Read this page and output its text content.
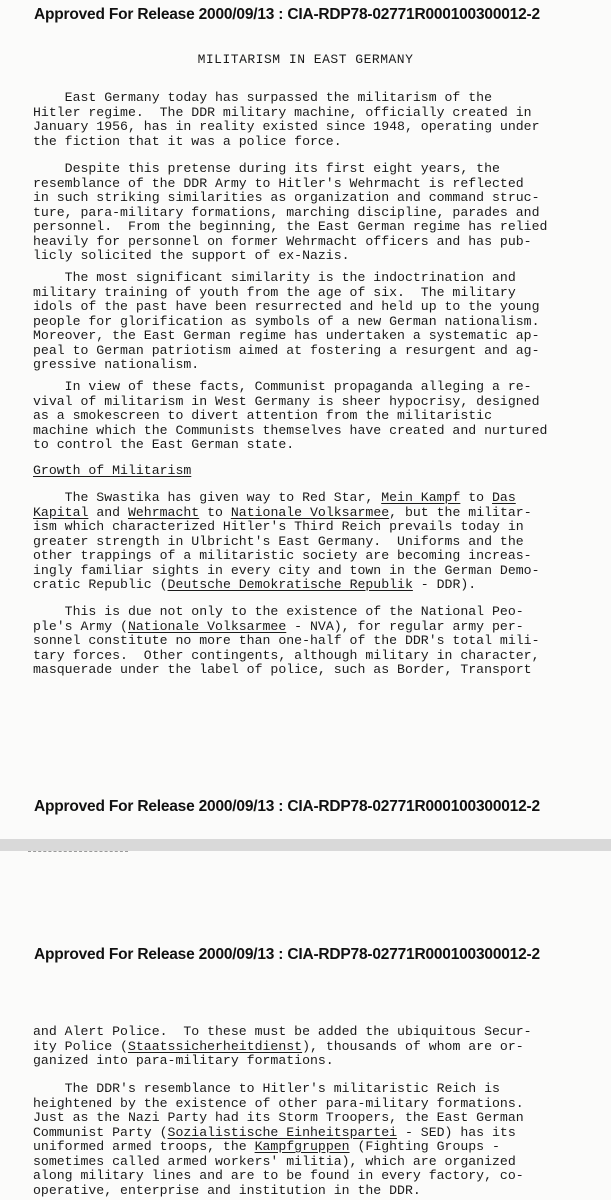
Approved For Release 2000/09/13 : CIA-RDP78-02771R000100300012-2
MILITARISM IN EAST GERMANY
East Germany today has surpassed the militarism of the
Hitler regime.  The DDR military machine, officially created in
January 1956, has in reality existed since 1948, operating under
the fiction that it was a police force.
Despite this pretense during its first eight years, the
resemblance of the DDR Army to Hitler's Wehrmacht is reflected
in such striking similarities as organization and command struc-
ture, para-military formations, marching discipline, parades and
personnel.  From the beginning, the East German regime has relied
heavily for personnel on former Wehrmacht officers and has pub-
licly solicited the support of ex-Nazis.
The most significant similarity is the indoctrination and
military training of youth from the age of six.  The military
idols of the past have been resurrected and held up to the young
people for glorification as symbols of a new German nationalism.
Moreover, the East German regime has undertaken a systematic ap-
peal to German patriotism aimed at fostering a resurgent and ag-
gressive nationalism.
In view of these facts, Communist propaganda alleging a re-
vival of militarism in West Germany is sheer hypocrisy, designed
as a smokescreen to divert attention from the militaristic
machine which the Communists themselves have created and nurtured
to control the East German state.
Growth of Militarism
The Swastika has given way to Red Star, Mein Kampf to Das
Kapital and Wehrmacht to Nationale Volksarmee, but the militar-
ism which characterized Hitler's Third Reich prevails today in
greater strength in Ulbricht's East Germany.  Uniforms and the
other trappings of a militaristic society are becoming increas-
ingly familiar sights in every city and town in the German Demo-
cratic Republic (Deutsche Demokratische Republik - DDR).
This is due not only to the existence of the National Peo-
ple's Army (Nationale Volksarmee - NVA), for regular army per-
sonnel constitute no more than one-half of the DDR's total mili-
tary forces.  Other contingents, although military in character,
masquerade under the label of police, such as Border, Transport
Approved For Release 2000/09/13 : CIA-RDP78-02771R000100300012-2
Approved For Release 2000/09/13 : CIA-RDP78-02771R000100300012-2
and Alert Police.  To these must be added the ubiquitous Secur-
ity Police (Staatssicherheitdienst), thousands of whom are or-
ganized into para-military formations.
The DDR's resemblance to Hitler's militaristic Reich is
heightened by the existence of other para-military formations.
Just as the Nazi Party had its Storm Troopers, the East German
Communist Party (Sozialistische Einheitspartei - SED) has its
uniformed armed troops, the Kampfgruppen (Fighting Groups -
sometimes called armed workers' militia), which are organized
along military lines and are to be found in every factory, co-
operative, enterprise and institution in the DDR.
